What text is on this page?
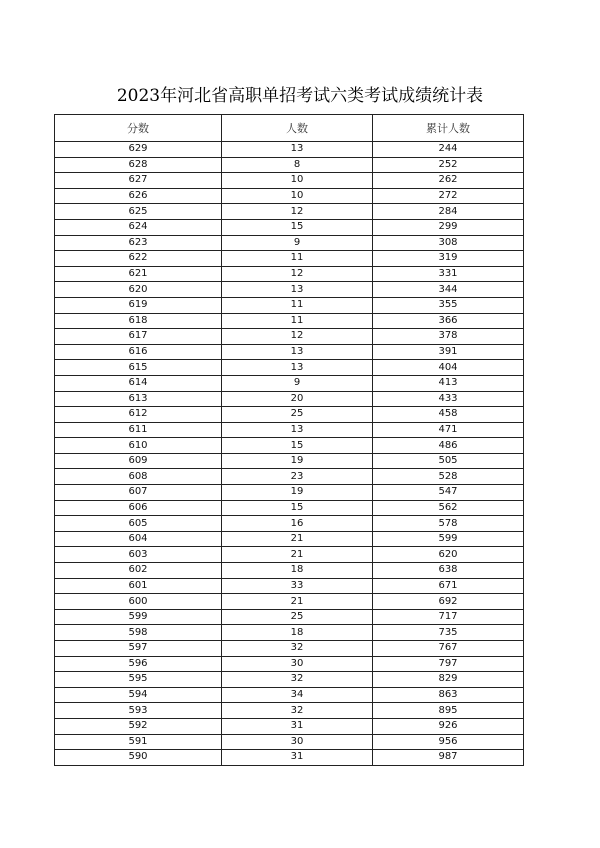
2023年河北省高职单招考试六类考试成绩统计表
分数	人数	累计人数
629	13	244
628	8	252
627	10	262
626	10	272
625	12	284
624	15	299
623	9	308
622	11	319
621	12	331
620	13	344
619	11	355
618	11	366
617	12	378
616	13	391
615	13	404
614	9	413
613	20	433
612	25	458
611	13	471
610	15	486
609	19	505
608	23	528
607	19	547
606	15	562
605	16	578
604	21	599
603	21	620
602	18	638
601	33	671
600	21	692
599	25	717
598	18	735
597	32	767
596	30	797
595	32	829
594	34	863
593	32	895
592	31	926
591	30	956
590	31	987
